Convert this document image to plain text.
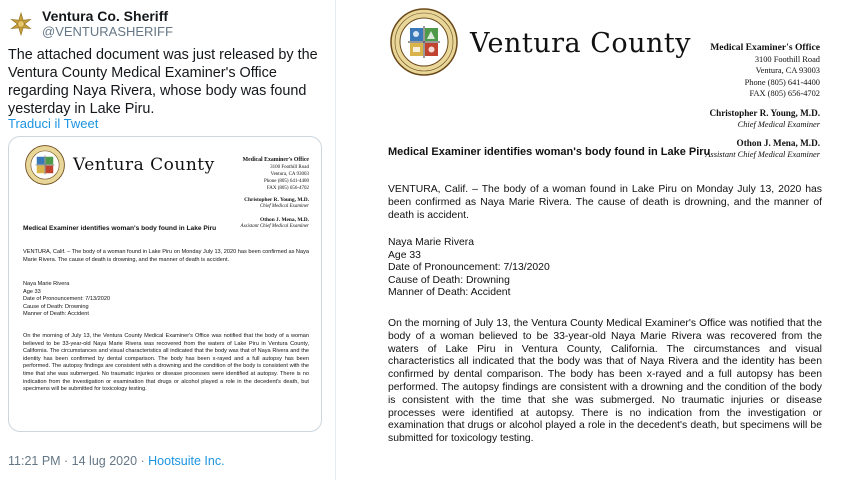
Ventura Co. Sheriff
@VENTURASHERIFF
The attached document was just released by the Ventura County Medical Examiner's Office regarding Naya Rivera, whose body was found yesterday in Lake Piru.
Traduci il Tweet
Ventura County	Medical Examiner's Office
3100 Foothill Road
Ventura, CA 93003
Phone (805) 641-4400
FAX (805) 656-4702
Christopher R. Young, M.D.
Chief Medical Examiner
Othon J. Mena, M.D.
Assistant Chief Medical Examiner
Medical Examiner identifies woman's body found in Lake Piru
VENTURA, Calif. – The body of a woman found in Lake Piru on Monday July 13, 2020 has been confirmed as Naya Marie Rivera. The cause of death is drowning, and the manner of death is accident.
Naya Marie Rivera
Age 33
Date of Pronouncement: 7/13/2020
Cause of Death: Drowning
Manner of Death: Accident
On the morning of July 13, the Ventura County Medical Examiner's Office was notified that the body of a woman believed to be 33-year-old Naya Marie Rivera was recovered from the waters of Lake Piru in Ventura County, California. The circumstances and visual characteristics all indicated that the body was that of Naya Rivera and the identity has been confirmed by dental comparison. The body has been x-rayed and a full autopsy has been performed. The autopsy findings are consistent with a drowning and the condition of the body is consistent with the time that she was submerged. No traumatic injuries or disease processes were identified at autopsy. There is no indication from the investigation or examination that drugs or alcohol played a role in the decedent's death, but specimens will be submitted for toxicology testing.
11:21 PM · 14 lug 2020 · Hootsuite Inc.
Ventura County Medical Examiner's Office
3100 Foothill Road
Ventura, CA 93003
Phone (805) 641-4400
FAX (805) 656-4702
Christopher R. Young, M.D.
Chief Medical Examiner
Othon J. Mena, M.D.
Assistant Chief Medical Examiner
Medical Examiner identifies woman's body found in Lake Piru
VENTURA, Calif. – The body of a woman found in Lake Piru on Monday July 13, 2020 has been confirmed as Naya Marie Rivera. The cause of death is drowning, and the manner of death is accident.
Naya Marie Rivera
Age 33
Date of Pronouncement: 7/13/2020
Cause of Death: Drowning
Manner of Death: Accident
On the morning of July 13, the Ventura County Medical Examiner's Office was notified that the body of a woman believed to be 33-year-old Naya Marie Rivera was recovered from the waters of Lake Piru in Ventura County, California. The circumstances and visual characteristics all indicated that the body was that of Naya Rivera and the identity has been confirmed by dental comparison. The body has been x-rayed and a full autopsy has been performed. The autopsy findings are consistent with a drowning and the condition of the body is consistent with the time that she was submerged. No traumatic injuries or disease processes were identified at autopsy. There is no indication from the investigation or examination that drugs or alcohol played a role in the decedent's death, but specimens will be submitted for toxicology testing.
